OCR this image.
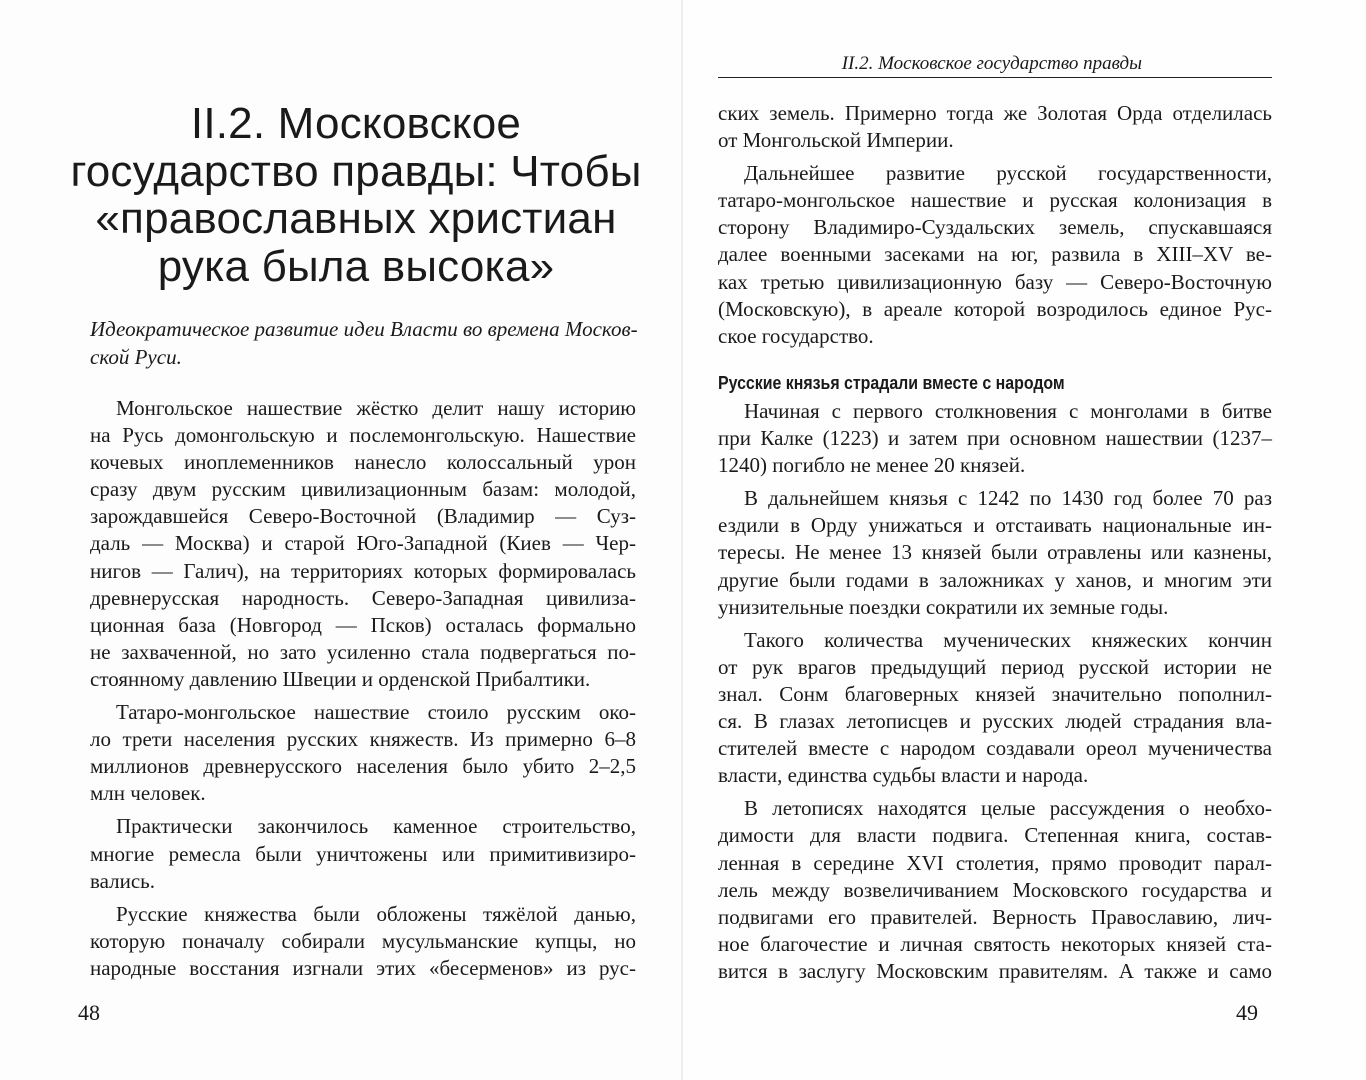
II.2. Московское
государство правды: Чтобы
«православных христиан
рука была высока»

Идеократическое развитие идеи Власти во времена Москов-
ской Руси.

Монгольское нашествие жёстко делит нашу историю
на Русь домонгольскую и послемонгольскую. Нашествие
кочевых иноплеменников нанесло колоссальный урон
сразу двум русским цивилизационным базам: молодой,
зарождавшейся Северо-Восточной (Владимир — Суз-
даль — Москва) и старой Юго-Западной (Киев — Чер-
нигов — Галич), на территориях которых формировалась
древнерусская народность. Северо-Западная цивилиза-
ционная база (Новгород — Псков) осталась формально
не захваченной, но зато усиленно стала подвергаться по-
стоянному давлению Швеции и орденской Прибалтики.
Татаро-монгольское нашествие стоило русским око-
ло трети населения русских княжеств. Из примерно 6–8
миллионов древнерусского населения было убито 2–2,5
млн человек.
Практически закончилось каменное строительство,
многие ремесла были уничтожены или примитивизиро-
вались.
Русские княжества были обложены тяжёлой данью,
которую поначалу собирали мусульманские купцы, но
народные восстания изгнали этих «бесерменов» из рус-

48

II.2. Московское государство правды

ских земель. Примерно тогда же Золотая Орда отделилась
от Монгольской Империи.
Дальнейшее развитие русской государственности,
татаро-монгольское нашествие и русская колонизация в
сторону Владимиро-Суздальских земель, спускавшаяся
далее военными засеками на юг, развила в XIII–XV ве-
ках третью цивилизационную базу — Северо-Восточную
(Московскую), в ареале которой возродилось единое Рус-
ское государство.
Русские князья страдали вместе с народом
Начиная с первого столкновения с монголами в битве
при Калке (1223) и затем при основном нашествии (1237–
1240) погибло не менее 20 князей.
В дальнейшем князья с 1242 по 1430 год более 70 раз
ездили в Орду унижаться и отстаивать национальные ин-
тересы. Не менее 13 князей были отравлены или казнены,
другие были годами в заложниках у ханов, и многим эти
унизительные поездки сократили их земные годы.
Такого количества мученических княжеских кончин
от рук врагов предыдущий период русской истории не
знал. Сонм благоверных князей значительно пополнил-
ся. В глазах летописцев и русских людей страдания вла-
стителей вместе с народом создавали ореол мученичества
власти, единства судьбы власти и народа.
В летописях находятся целые рассуждения о необхо-
димости для власти подвига. Степенная книга, состав-
ленная в середине XVI столетия, прямо проводит парал-
лель между возвеличиванием Московского государства и
подвигами его правителей. Верность Православию, лич-
ное благочестие и личная святость некоторых князей ста-
вится в заслугу Московским правителям. А также и само

49
